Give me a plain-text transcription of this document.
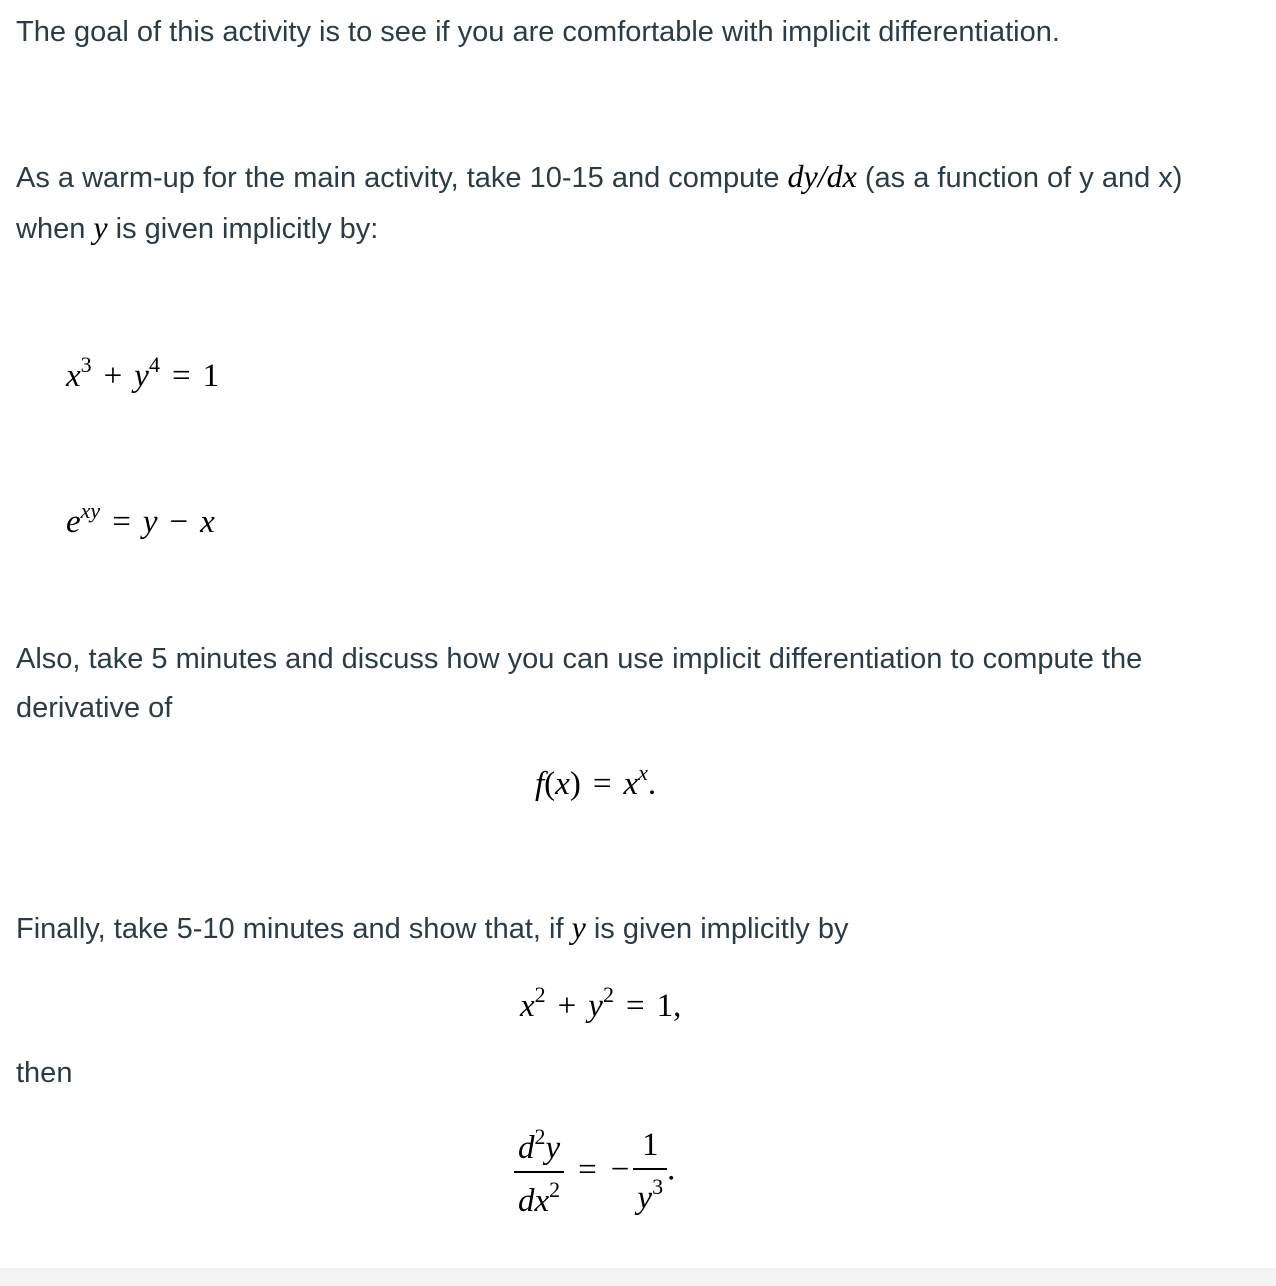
The goal of this activity is to see if you are comfortable with implicit differentiation.

As a warm-up for the main activity, take 10-15 and compute dy/dx (as a function of y and x) when y is given implicitly by:

$x^3 + y^4 = 1$
$e^{xy} = y - x$

Also, take 5 minutes and discuss how you can use implicit differentiation to compute the derivative of

$f(x) = x^x$.

Finally, take 5-10 minutes and show that, if y is given implicitly by

$x^2 + y^2 = 1$,

then

$\frac{d^2y}{dx^2}$ = − $\frac{1}{y^3}$ .
